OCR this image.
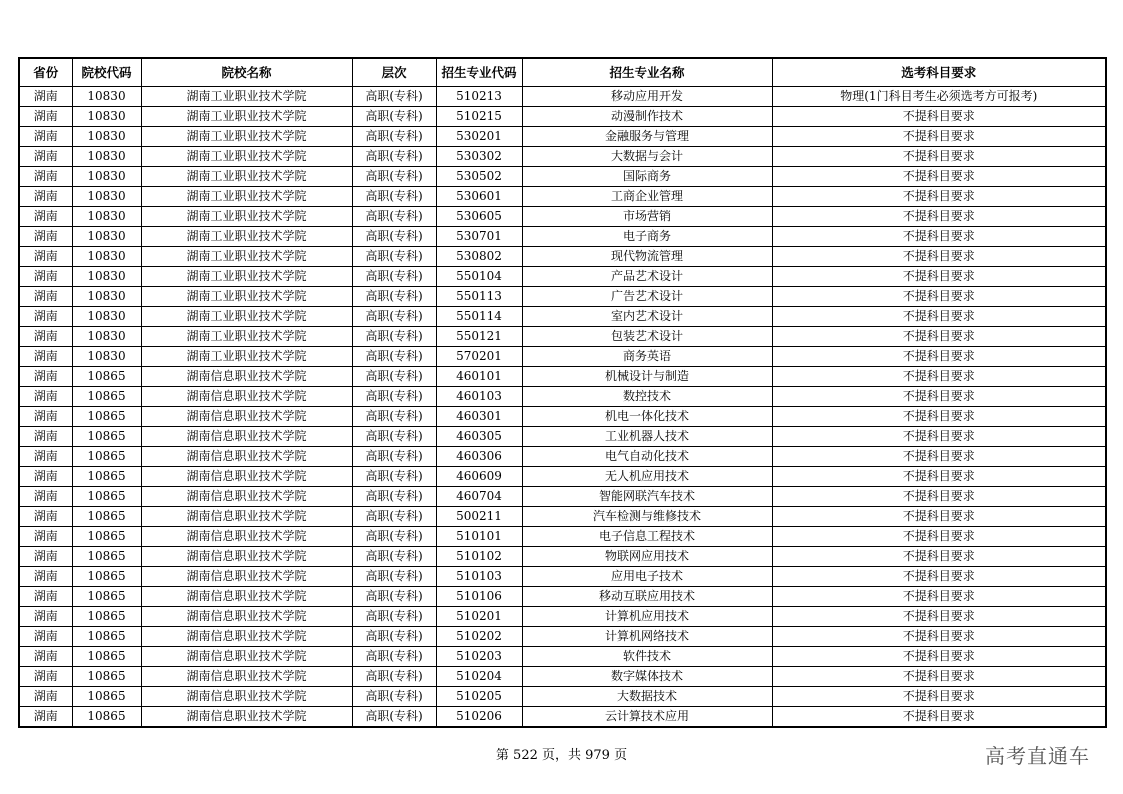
省份	院校代码	院校名称	层次	招生专业代码	招生专业名称	选考科目要求
湖南	10830	湖南工业职业技术学院	高职(专科)	510213	移动应用开发	物理(1门科目考生必须选考方可报考)
湖南	10830	湖南工业职业技术学院	高职(专科)	510215	动漫制作技术	不提科目要求
湖南	10830	湖南工业职业技术学院	高职(专科)	530201	金融服务与管理	不提科目要求
湖南	10830	湖南工业职业技术学院	高职(专科)	530302	大数据与会计	不提科目要求
湖南	10830	湖南工业职业技术学院	高职(专科)	530502	国际商务	不提科目要求
湖南	10830	湖南工业职业技术学院	高职(专科)	530601	工商企业管理	不提科目要求
湖南	10830	湖南工业职业技术学院	高职(专科)	530605	市场营销	不提科目要求
湖南	10830	湖南工业职业技术学院	高职(专科)	530701	电子商务	不提科目要求
湖南	10830	湖南工业职业技术学院	高职(专科)	530802	现代物流管理	不提科目要求
湖南	10830	湖南工业职业技术学院	高职(专科)	550104	产品艺术设计	不提科目要求
湖南	10830	湖南工业职业技术学院	高职(专科)	550113	广告艺术设计	不提科目要求
湖南	10830	湖南工业职业技术学院	高职(专科)	550114	室内艺术设计	不提科目要求
湖南	10830	湖南工业职业技术学院	高职(专科)	550121	包装艺术设计	不提科目要求
湖南	10830	湖南工业职业技术学院	高职(专科)	570201	商务英语	不提科目要求
湖南	10865	湖南信息职业技术学院	高职(专科)	460101	机械设计与制造	不提科目要求
湖南	10865	湖南信息职业技术学院	高职(专科)	460103	数控技术	不提科目要求
湖南	10865	湖南信息职业技术学院	高职(专科)	460301	机电一体化技术	不提科目要求
湖南	10865	湖南信息职业技术学院	高职(专科)	460305	工业机器人技术	不提科目要求
湖南	10865	湖南信息职业技术学院	高职(专科)	460306	电气自动化技术	不提科目要求
湖南	10865	湖南信息职业技术学院	高职(专科)	460609	无人机应用技术	不提科目要求
湖南	10865	湖南信息职业技术学院	高职(专科)	460704	智能网联汽车技术	不提科目要求
湖南	10865	湖南信息职业技术学院	高职(专科)	500211	汽车检测与维修技术	不提科目要求
湖南	10865	湖南信息职业技术学院	高职(专科)	510101	电子信息工程技术	不提科目要求
湖南	10865	湖南信息职业技术学院	高职(专科)	510102	物联网应用技术	不提科目要求
湖南	10865	湖南信息职业技术学院	高职(专科)	510103	应用电子技术	不提科目要求
湖南	10865	湖南信息职业技术学院	高职(专科)	510106	移动互联应用技术	不提科目要求
湖南	10865	湖南信息职业技术学院	高职(专科)	510201	计算机应用技术	不提科目要求
湖南	10865	湖南信息职业技术学院	高职(专科)	510202	计算机网络技术	不提科目要求
湖南	10865	湖南信息职业技术学院	高职(专科)	510203	软件技术	不提科目要求
湖南	10865	湖南信息职业技术学院	高职(专科)	510204	数字媒体技术	不提科目要求
湖南	10865	湖南信息职业技术学院	高职(专科)	510205	大数据技术	不提科目要求
湖南	10865	湖南信息职业技术学院	高职(专科)	510206	云计算技术应用	不提科目要求
第 522 页，共 979 页	高考直通车
